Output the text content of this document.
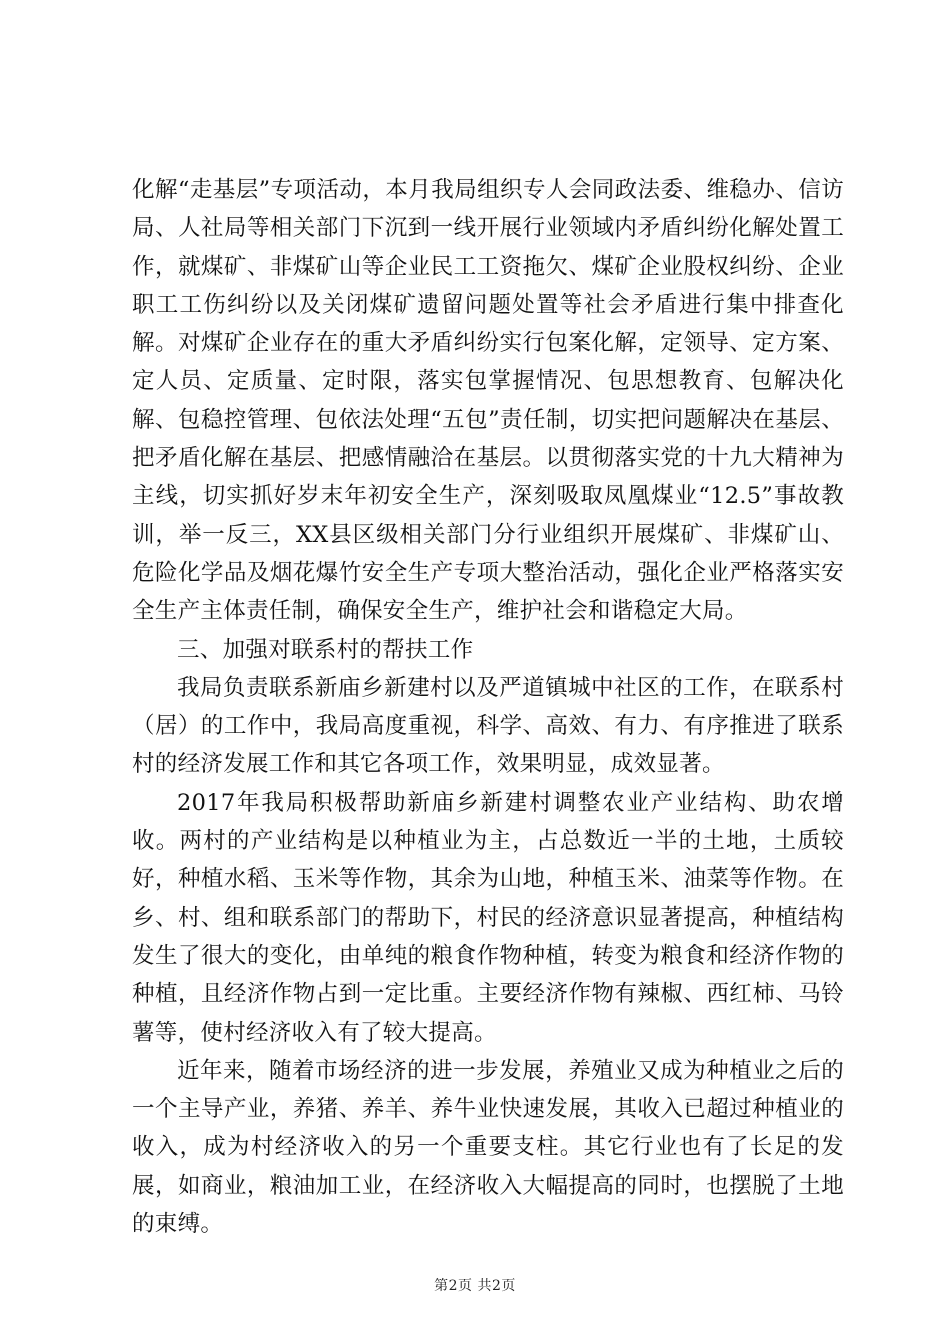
化解“走基层”专项活动，本月我局组织专人会同政法委、维稳办、信访局、人社局等相关部门下沉到一线开展行业领域内矛盾纠纷化解处置工作，就煤矿、非煤矿山等企业民工工资拖欠、煤矿企业股权纠纷、企业职工工伤纠纷以及关闭煤矿遗留问题处置等社会矛盾进行集中排查化解。对煤矿企业存在的重大矛盾纠纷实行包案化解，定领导、定方案、定人员、定质量、定时限，落实包掌握情况、包思想教育、包解决化解、包稳控管理、包依法处理“五包”责任制，切实把问题解决在基层、把矛盾化解在基层、把感情融洽在基层。以贯彻落实党的十九大精神为主线，切实抓好岁末年初安全生产，深刻吸取凤凰煤业“12.5”事故教训，举一反三，XX县区级相关部门分行业组织开展煤矿、非煤矿山、危险化学品及烟花爆竹安全生产专项大整治活动，强化企业严格落实安全生产主体责任制，确保安全生产，维护社会和谐稳定大局。

三、加强对联系村的帮扶工作

我局负责联系新庙乡新建村以及严道镇城中社区的工作，在联系村（居）的工作中，我局高度重视，科学、高效、有力、有序推进了联系村的经济发展工作和其它各项工作，效果明显，成效显著。

2017年我局积极帮助新庙乡新建村调整农业产业结构、助农增收。两村的产业结构是以种植业为主，占总数近一半的土地，土质较好，种植水稻、玉米等作物，其余为山地，种植玉米、油菜等作物。在乡、村、组和联系部门的帮助下，村民的经济意识显著提高，种植结构发生了很大的变化，由单纯的粮食作物种植，转变为粮食和经济作物的种植，且经济作物占到一定比重。主要经济作物有辣椒、西红柿、马铃薯等，使村经济收入有了较大提高。

近年来，随着市场经济的进一步发展，养殖业又成为种植业之后的一个主导产业，养猪、养羊、养牛业快速发展，其收入已超过种植业的收入，成为村经济收入的另一个重要支柱。其它行业也有了长足的发展，如商业，粮油加工业，在经济收入大幅提高的同时，也摆脱了土地的束缚。

第2页 共2页
